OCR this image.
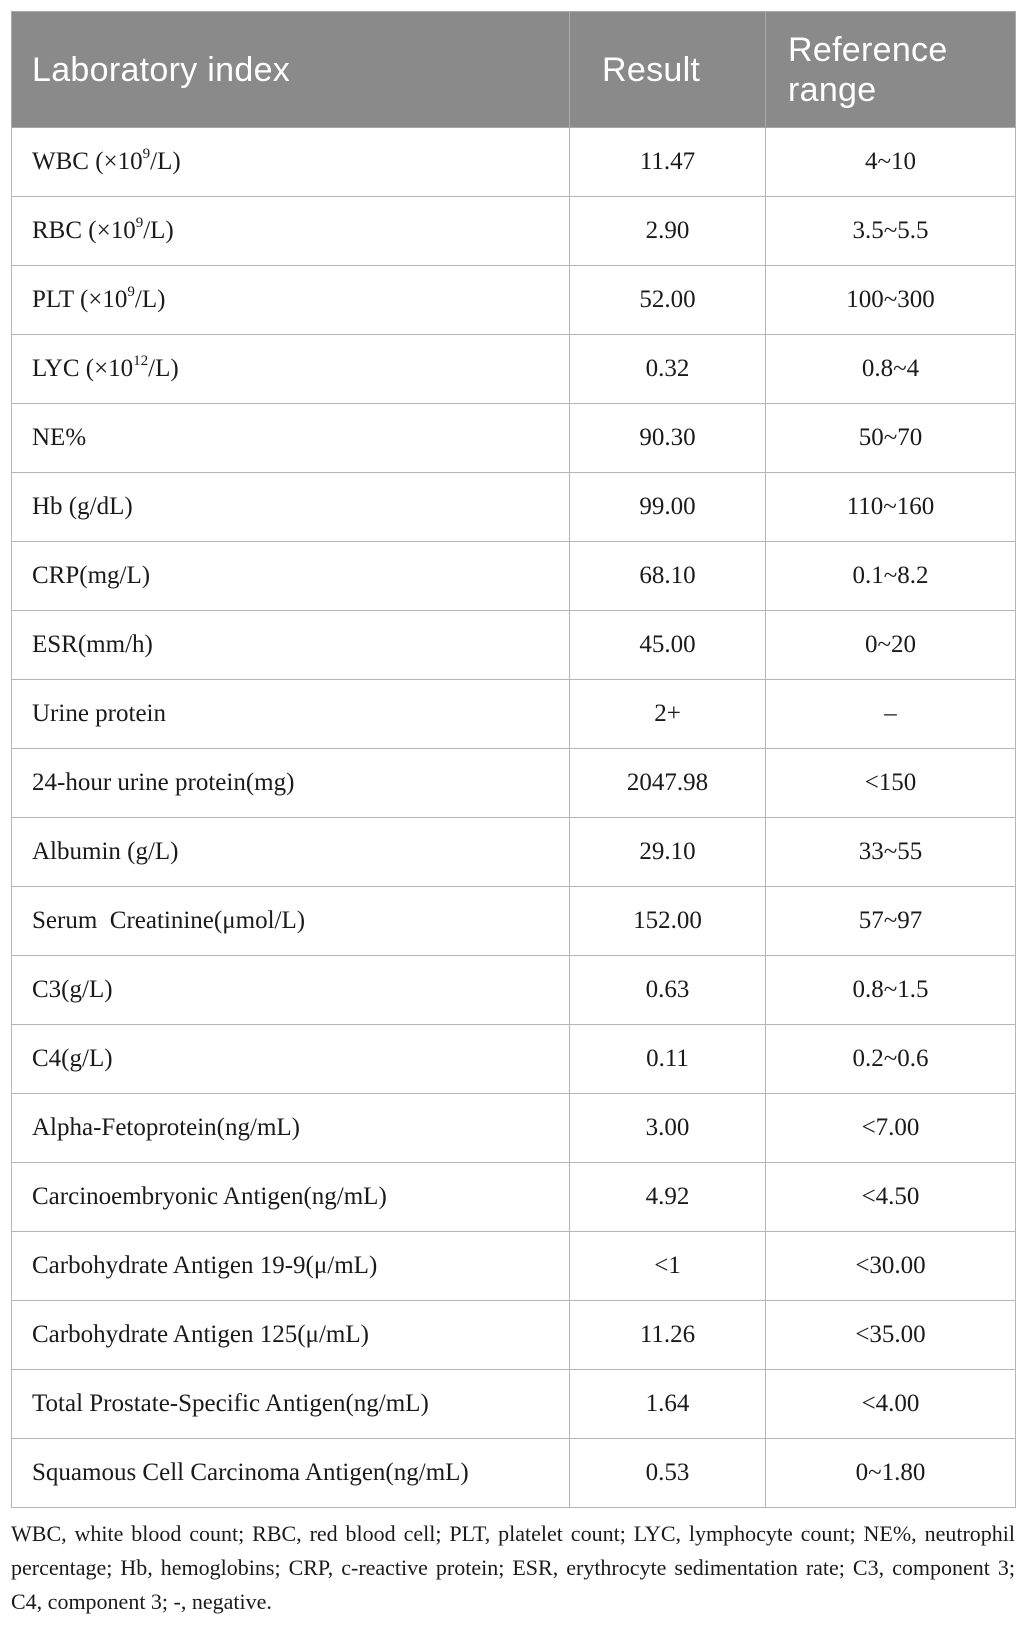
Laboratory index	Result	Reference range
WBC $(\times 10^9/L)$	11.47	4~10
RBC $(\times 10^9/L)$	2.90	3.5~5.5
PLT $(\times 10^9/L)$	52.00	100~300
LYC $(\times 10^{12}/L)$	0.32	0.8~4
NE%	90.30	50~70
Hb (g/dL)	99.00	110~160
CRP(mg/L)	68.10	0.1~8.2
ESR(mm/h)	45.00	0~20
Urine protein	2+	–
24-hour urine protein(mg)	2047.98	<150
Albumin (g/L)	29.10	33~55
Serum  Creatinine(μmol/L)	152.00	57~97
C3(g/L)	0.63	0.8~1.5
C4(g/L)	0.11	0.2~0.6
Alpha-Fetoprotein(ng/mL)	3.00	<7.00
Carcinoembryonic Antigen(ng/mL)	4.92	<4.50
Carbohydrate Antigen 19-9(μ/mL)	<1	<30.00
Carbohydrate Antigen 125(μ/mL)	11.26	<35.00
Total Prostate-Specific Antigen(ng/mL)	1.64	<4.00
Squamous Cell Carcinoma Antigen(ng/mL)	0.53	0~1.80
WBC, white blood count; RBC, red blood cell; PLT, platelet count; LYC, lymphocyte count; NE%, neutrophil percentage; Hb, hemoglobins; CRP, c-reactive protein; ESR, erythrocyte sedimentation rate; C3, component 3; C4, component 3; -, negative.
